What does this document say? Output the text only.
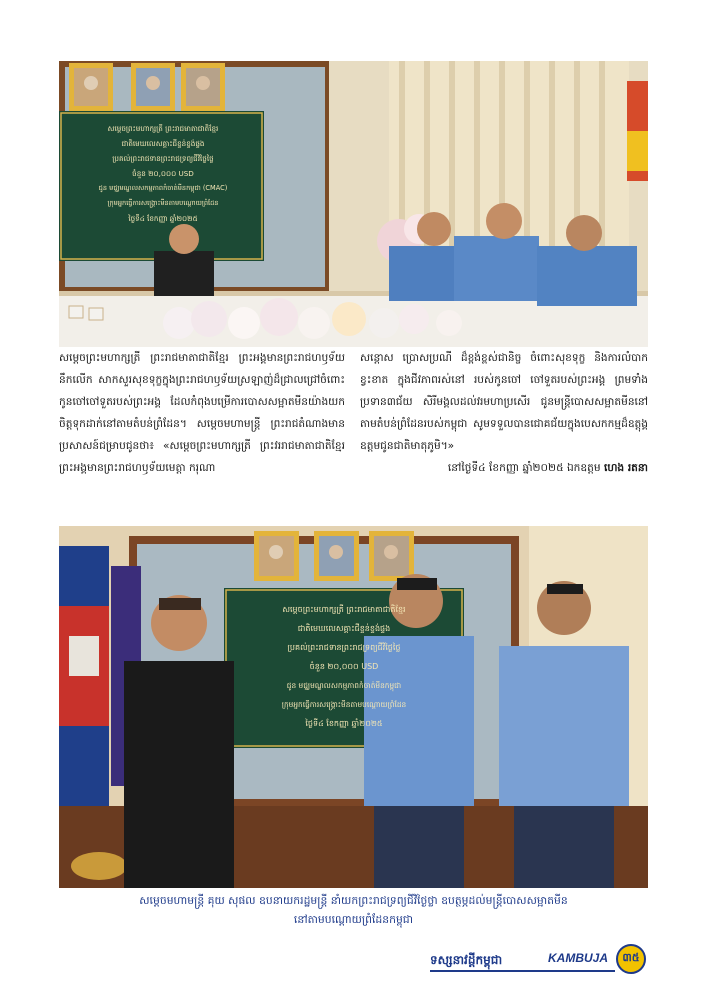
សម្តេចព្រះមហាក្សត្រី ព្រះរាជមាតាជាតិខ្មែរ
ជាតិមេឃលេសគ្គាះជីខ្ទន់ខ្ទង់ផ្ទង
ប្រគល់ព្រះរាជទានព្រះរាជទ្រព្យជីវិថ្ងៃថ្លៃ
ចំនួន ២០,០០០ USD
ជូន មជ្ឈមណ្ឌលសកម្មភាពកំចាត់មីនកម្ពុជា (CMAC)
ក្រុមអ្នកធ្វើការសង្គ្រោះមីនតាមបណ្ដោយព្រំដែន
ថ្ងៃទី៤ ខែកញ្ញា ឆ្នាំ២០២៥

សម្តេចព្រះមហាក្សត្រី ព្រះរាជមាតាជាតិខ្មែរ ព្រះអង្គមានព្រះរាជហឫទ័យនឹកលើក សាកសួរសុខទុក្ខក្នុងព្រះរាជហឫទ័យស្រឡាញ់ដ៏ជ្រាលជ្រៅចំពោះកូនចៅចៅទួតរបស់ព្រះអង្គ ដែលកំពុងបម្រើការបោសសម្អាតមីនយ៉ាងយកចិត្តទុកដាក់នៅតាមតំបន់ព្រំដែន។ សម្តេចមហាមន្ត្រី ព្រះរាជតំណាងមានប្រសាសន៍ជម្រាបជូនថា៖ «សម្តេចព្រះមហាក្សត្រី ព្រះវររាជមាតាជាតិខ្មែរ ព្រះអង្គមានព្រះរាជហឫទ័យមេត្តា ករុណា

សន្តោស ប្រោសប្រណី ដ៏ខ្ពង់ខ្ពស់ជានិច្ច ចំពោះសុខទុក្ខ និងការលំបាកខ្វះខាត ក្នុងជីវភាពរស់នៅ របស់កូនចៅ ចៅទួតរបស់ព្រះអង្គ ព្រមទាំងប្រទាន៣ជ័យ សិរីមង្គលដល់វរមហាប្រសើរ ជូនមន្ត្រីបោសសម្អាតមីននៅតាមតំបន់ព្រំដែនរបស់កម្ពុជា សូមទទួលបានជោគជ័យក្នុងបេសកកម្មដ៏ឧត្តុង្គឧត្តមជូនជាតិមាតុភូមិ។»

នៅថ្ងៃទី៤ ខែកញ្ញា ឆ្នាំ២០២៥ ឯកឧត្តម ហេង រតនា

សម្តេចព្រះមហាក្សត្រី ព្រះរាជមាតាជាតិខ្មែរ
ជាតិមេឃលេសគ្គាះជីខ្ទន់ខ្ទង់ផ្ទង
ប្រគល់ព្រះរាជទានព្រះរាជទ្រព្យជីវិថ្ងៃថ្លៃ
ចំនួន ២០,០០០ USD
ជូន មជ្ឈមណ្ឌលសកម្មភាពកំចាត់មីនកម្ពុជា
ក្រុមអ្នកធ្វើការសង្គ្រោះមីនតាមបណ្ដោយព្រំដែន
ថ្ងៃទី៤ ខែកញ្ញា ឆ្នាំ២០២៥

សម្តេចមហាមន្ត្រី គុយ សុផល ឧបនាយករដ្ឋមន្ត្រី នាំយកព្រះរាជទ្រព្យជីវិថ្ងៃថ្លា ឧបត្ថម្ភដល់មន្ត្រីបោសសម្អាតមីន

នៅតាមបណ្ដោយព្រំដែនកម្ពុជា

ទស្សនាវដ្តីកម្ពុជា	KAMBUJA	៣៥
